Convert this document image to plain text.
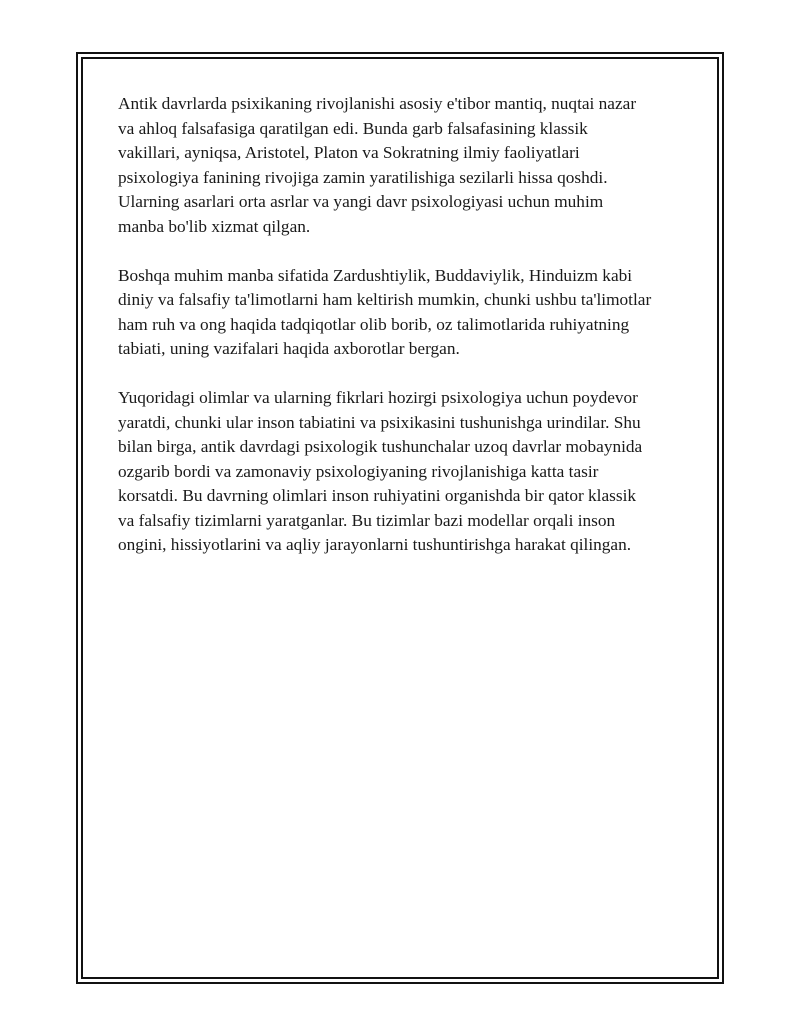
Antik davrlarda psixikaning rivojlanishi asosiy e'tibor mantiq, nuqtai nazar
va ahloq falsafasiga qaratilgan edi. Bunda garb falsafasining klassik
vakillari, ayniqsa, Aristotel, Platon va Sokratning ilmiy faoliyatlari
psixologiya fanining rivojiga zamin yaratilishiga sezilarli hissa qoshdi.
Ularning asarlari orta asrlar va yangi davr psixologiyasi uchun muhim
manba bo'lib xizmat qilgan.

Boshqa muhim manba sifatida Zardushtiylik, Buddaviylik, Hinduizm kabi
diniy va falsafiy ta'limotlarni ham keltirish mumkin, chunki ushbu ta'limotlar
ham ruh va ong haqida tadqiqotlar olib borib, oz talimotlarida ruhiyatning
tabiati, uning vazifalari haqida axborotlar bergan.

Yuqoridagi olimlar va ularning fikrlari hozirgi psixologiya uchun poydevor
yaratdi, chunki ular inson tabiatini va psixikasini tushunishga urindilar. Shu
bilan birga, antik davrdagi psixologik tushunchalar uzoq davrlar mobaynida
ozgarib bordi va zamonaviy psixologiyaning rivojlanishiga katta tasir
korsatdi. Bu davrning olimlari inson ruhiyatini organishda bir qator klassik
va falsafiy tizimlarni yaratganlar. Bu tizimlar bazi modellar orqali inson
ongini, hissiyotlarini va aqliy jarayonlarni tushuntirishga harakat qilingan.
